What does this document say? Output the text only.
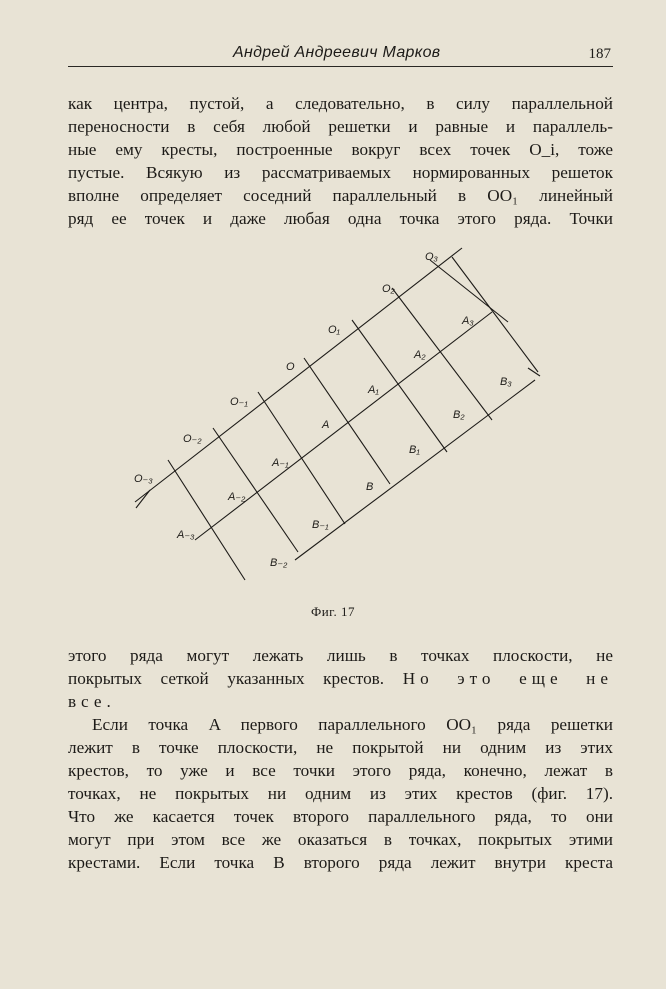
Андрей Андреевич Марков	187
как центра, пустой, а следовательно, в силу параллельной
переносности в себя любой решетки и равные и параллель-
ные ему кресты, построенные вокруг всех точек O_i, тоже
пустые. Всякую из рассматриваемых нормированных решеток
вполне определяет соседний параллельный в OO₁ линейный
ряд ее точек и даже любая одна точка этого ряда. Точки
O₃
O₂
O₁
O
O₋₁
O₋₂
O₋₃
A₃
A₂
A₁
A
A₋₁
A₋₂
A₋₃
B₃
B₂
B₁
B
B₋₁
B₋₂
Фиг. 17
этого ряда могут лежать лишь в точках плоскости, не
покрытых сеткой указанных крестов. Но это еще не
все.
Если точка A первого параллельного OO₁ ряда решетки
лежит в точке плоскости, не покрытой ни одним из этих
крестов, то уже и все точки этого ряда, конечно, лежат в
точках, не покрытых ни одним из этих крестов (фиг. 17).
Что же касается точек второго параллельного ряда, то они
могут при этом все же оказаться в точках, покрытых этими
крестами. Если точка B второго ряда лежит внутри креста
